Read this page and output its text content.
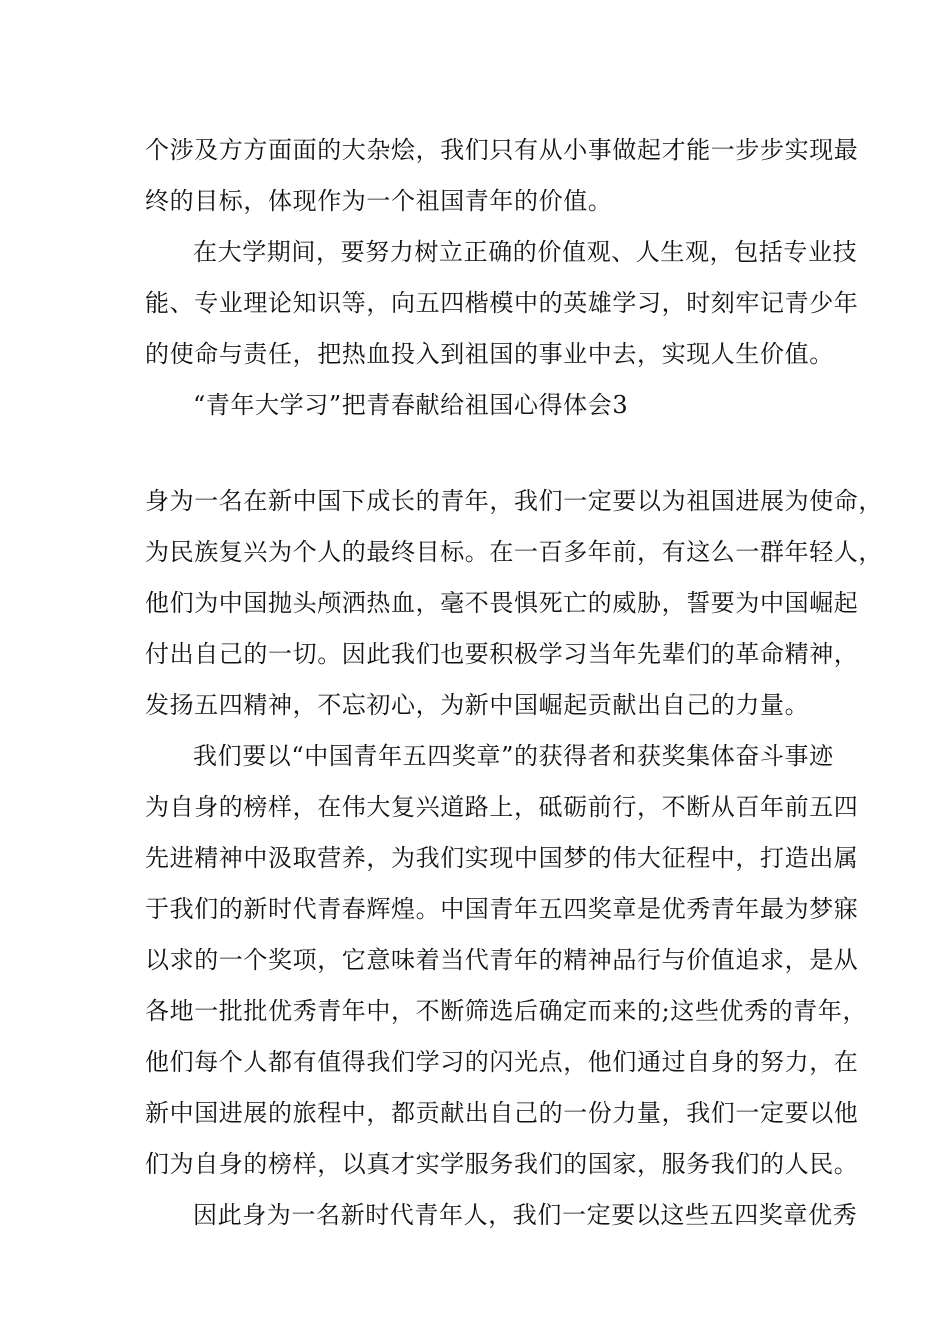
个涉及方方面面的大杂烩，我们只有从小事做起才能一步步实现最
终的目标，体现作为一个祖国青年的价值。
在大学期间，要努力树立正确的价值观、人生观，包括专业技
能、专业理论知识等，向五四楷模中的英雄学习，时刻牢记青少年
的使命与责任，把热血投入到祖国的事业中去，实现人生价值。
“青年大学习”把青春献给祖国心得体会3
身为一名在新中国下成长的青年，我们一定要以为祖国进展为使命，
为民族复兴为个人的最终目标。在一百多年前，有这么一群年轻人，
他们为中国抛头颅洒热血，毫不畏惧死亡的威胁，誓要为中国崛起
付出自己的一切。因此我们也要积极学习当年先辈们的革命精神，
发扬五四精神，不忘初心，为新中国崛起贡献出自己的力量。
我们要以“中国青年五四奖章”的获得者和获奖集体奋斗事迹
为自身的榜样，在伟大复兴道路上，砥砺前行，不断从百年前五四
先进精神中汲取营养，为我们实现中国梦的伟大征程中，打造出属
于我们的新时代青春辉煌。中国青年五四奖章是优秀青年最为梦寐
以求的一个奖项，它意味着当代青年的精神品行与价值追求，是从
各地一批批优秀青年中，不断筛选后确定而来的;这些优秀的青年，
他们每个人都有值得我们学习的闪光点，他们通过自身的努力，在
新中国进展的旅程中，都贡献出自己的一份力量，我们一定要以他
们为自身的榜样，以真才实学服务我们的国家，服务我们的人民。
因此身为一名新时代青年人，我们一定要以这些五四奖章优秀
